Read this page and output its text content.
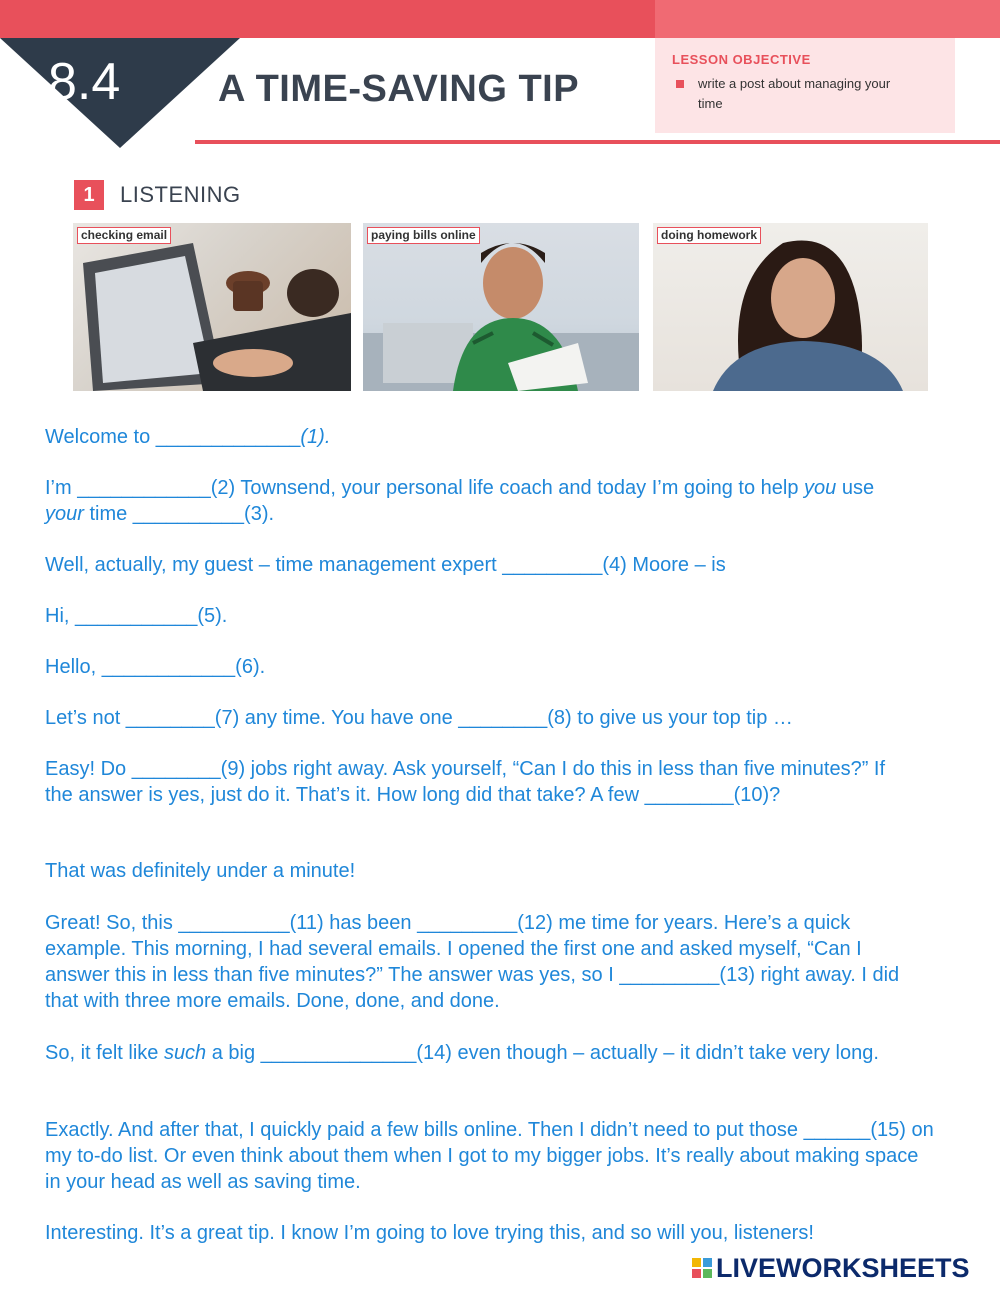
8.4	A TIME-SAVING TIP
LESSON OBJECTIVE
write a post about managing your time
1	LISTENING
checking email	paying bills online	doing homework
Welcome to _____________(1).
I’m ____________(2) Townsend, your personal life coach and today I’m going to help you use your time __________(3).
Well, actually, my guest – time management expert _________(4) Moore – is
Hi, ___________(5).
Hello, ____________(6).
Let’s not ________(7) any time. You have one ________(8) to give us your top tip …
Easy! Do ________(9) jobs right away. Ask yourself, “Can I do this in less than five minutes?” If the answer is yes, just do it. That’s it. How long did that take? A few ________(10)?
That was definitely under a minute!
Great! So, this __________(11) has been _________(12) me time for years. Here’s a quick example. This morning, I had several emails. I opened the first one and asked myself, “Can I answer this in less than five minutes?” The answer was yes, so I _________(13) right away. I did that with three more emails. Done, done, and done.
So, it felt like such a big ______________(14) even though – actually – it didn’t take very long.
Exactly. And after that, I quickly paid a few bills online. Then I didn’t need to put those ______(15) on my to-do list. Or even think about them when I got to my bigger jobs. It’s really about making space in your head as well as saving time.
Interesting. It’s a great tip. I know I’m going to love trying this, and so will you, listeners!
LIVEWORKSHEETS
